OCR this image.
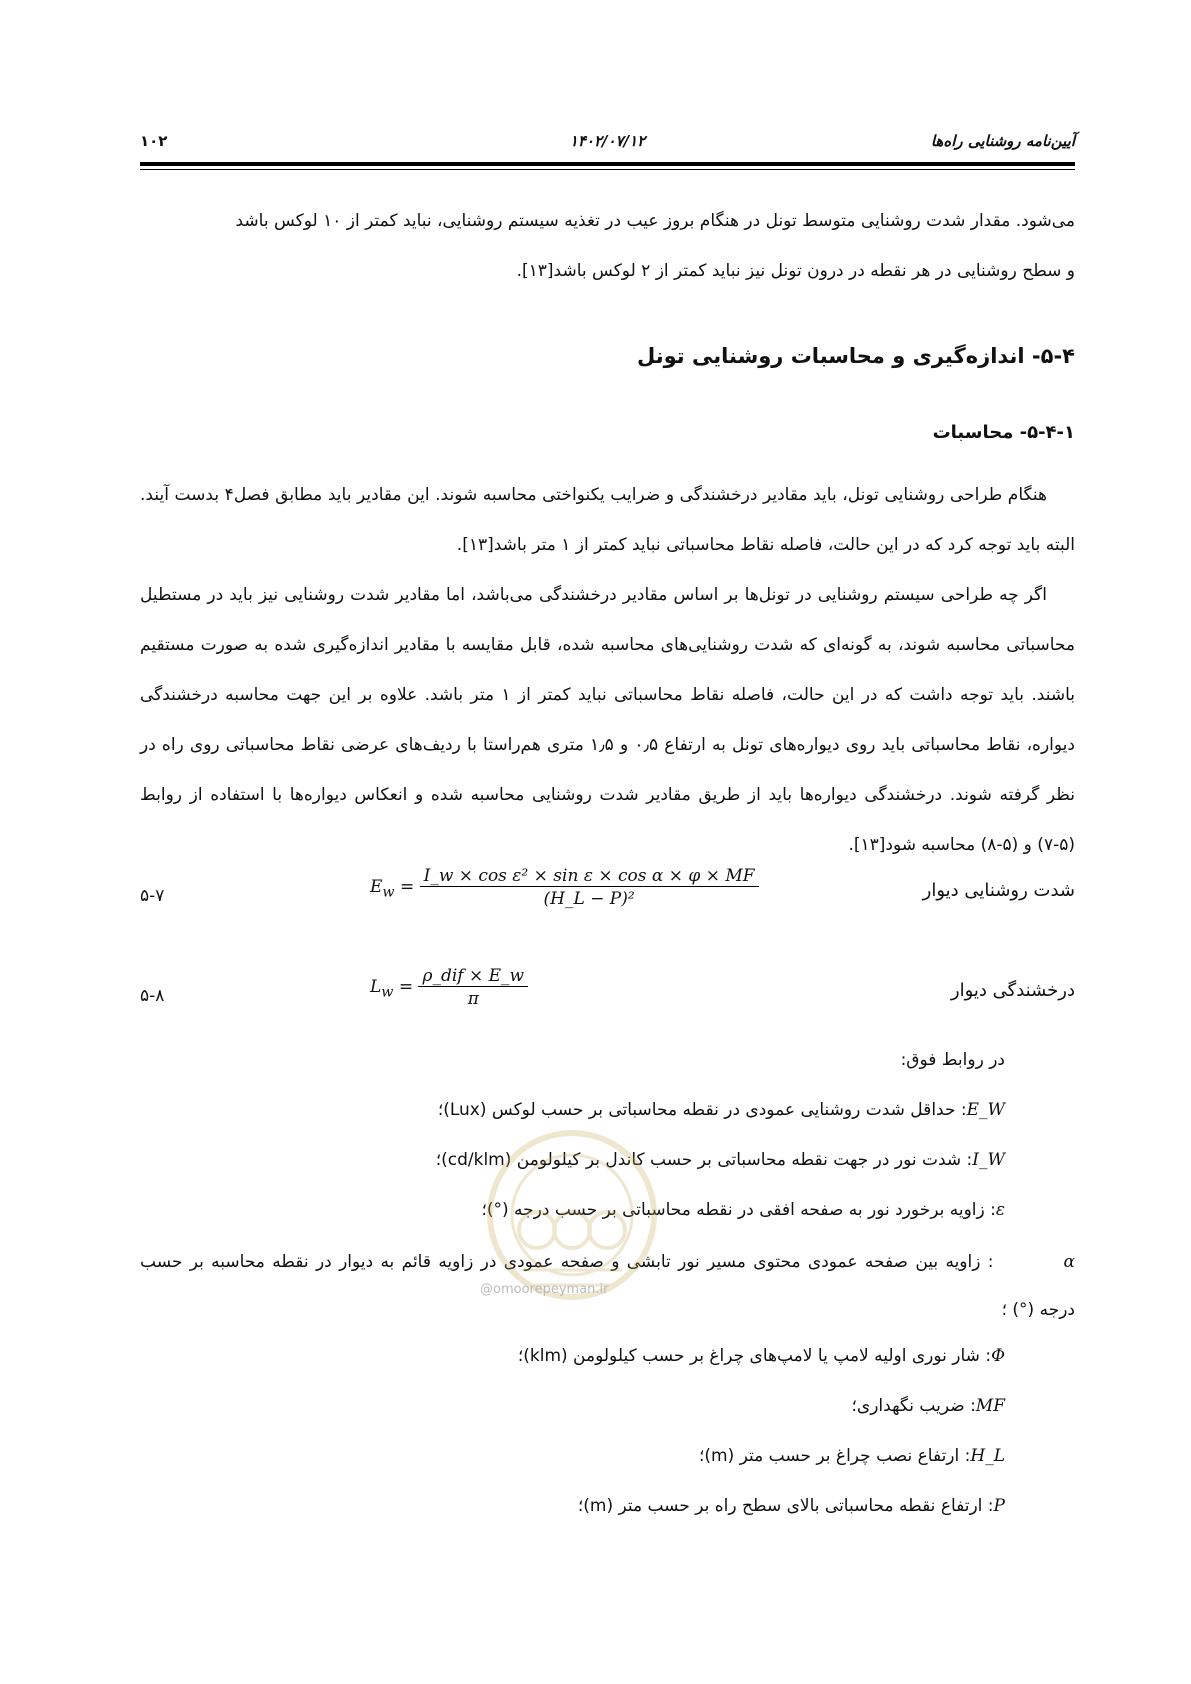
۱۰۲	۱۴۰۲/۰۷/۱۲	آیین‌نامه روشنایی راه‌ها

می‌شود. مقدار شدت روشنایی متوسط تونل در هنگام بروز عیب در تغذیه سیستم روشنایی، نباید کمتر از ۱۰ لوکس باشد

و سطح روشنایی در هر نقطه در درون تونل نیز نباید کمتر از ۲ لوکس باشد[۱۳].

۵-۴- اندازه‌گیری و محاسبات روشنایی تونل
۵-۴-۱- محاسبات

هنگام طراحی روشنایی تونل، باید مقادیر درخشندگی و ضرایب یکنواختی محاسبه شوند. این مقادیر باید مطابق فصل۴ بدست آیند. البته باید توجه کرد که در این حالت، فاصله نقاط محاسباتی نباید کمتر از ۱ متر باشد[۱۳].

اگر چه طراحی سیستم روشنایی در تونل‌ها بر اساس مقادیر درخشندگی می‌باشد، اما مقادیر شدت روشنایی نیز باید در مستطیل محاسباتی محاسبه شوند، به گونه‌ای که شدت روشنایی‌های محاسبه شده، قابل مقایسه با مقادیر اندازه‌گیری شده به صورت مستقیم باشند. باید توجه داشت که در این حالت، فاصله نقاط محاسباتی نباید کمتر از ۱ متر باشد. علاوه بر این جهت محاسبه درخشندگی دیواره، نقاط محاسباتی باید روی دیواره‌های تونل به ارتفاع ۰٫۵ و ۱٫۵ متری هم‌راستا با ردیف‌های عرضی نقاط محاسباتی روی راه در نظر گرفته شوند. درخشندگی دیواره‌ها باید از طریق مقادیر شدت روشنایی محاسبه شده و انعکاس دیواره‌ها با استفاده از روابط (۵-۷) و (۵-۸) محاسبه شود[۱۳].

۵-۷	$E_w = \frac{\text{I\_w × cos ε² × sin ε × cos α × φ × MF}}{\text{(H\_L − P)²}}$	شدت روشنایی دیوار
۵-۸	$L_w = \frac{\text{ρ\_dif × E\_w}}{\pi}$	درخشندگی دیوار
در روابط فوق:
E_W: حداقل شدت روشنایی عمودی در نقطه محاسباتی بر حسب لوکس (Lux)؛
I_W: شدت نور در جهت نقطه محاسباتی بر حسب کاندل بر کیلولومن (cd/klm)؛
ε: زاویه برخورد نور به صفحه افقی در نقطه محاسباتی بر حسب درجه (°)؛
α: زاویه بین صفحه عمودی محتوی مسیر نور تابشی و صفحه عمودی در زاویه قائم به دیوار در نقطه محاسبه بر حسب درجه (°) ؛
Φ: شار نوری اولیه لامپ یا لامپ‌های چراغ بر حسب کیلولومن (klm)؛
MF: ضریب نگهداری؛
H_L: ارتفاع نصب چراغ بر حسب متر (m)؛
P: ارتفاع نقطه محاسباتی بالای سطح راه بر حسب متر (m)؛
@omoorepeyman.ir
